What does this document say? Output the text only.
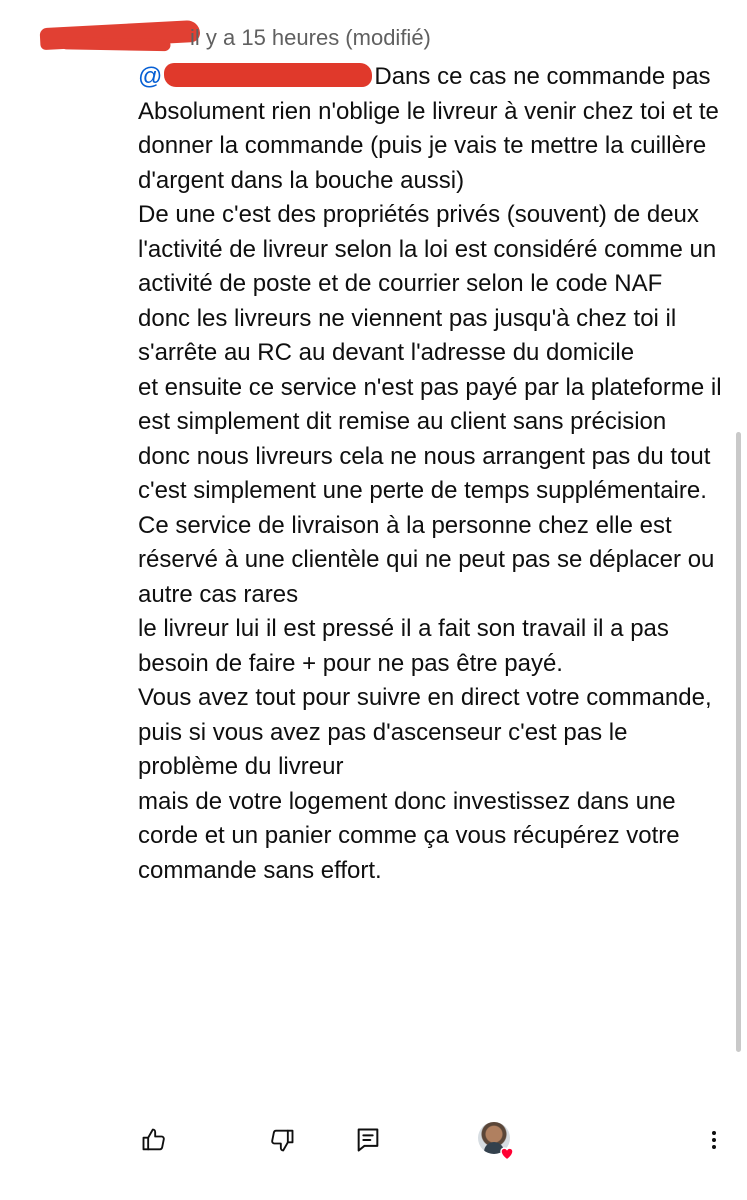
il y a 15 heures (modifié)

@	Dans ce cas ne commande pas

Absolument rien n'oblige le livreur à venir chez toi et te donner la commande (puis je vais te mettre la cuillère d'argent dans la bouche aussi)

De une c'est des propriétés privés (souvent) de deux l'activité de livreur selon la loi est considéré comme un activité de poste et de courrier selon le code NAF

donc les livreurs ne viennent pas jusqu'à chez toi il s'arrête au RC au devant l'adresse du domicile

et ensuite ce service n'est pas payé par la plateforme il est simplement dit remise au client sans précision

donc nous livreurs cela ne nous arrangent pas du tout c'est simplement une perte de temps supplémentaire.

Ce service de livraison à la personne chez elle est réservé à une clientèle qui ne peut pas se déplacer ou autre cas rares

le livreur lui il est pressé il a fait son travail il a pas besoin de faire + pour ne pas être payé.

Vous avez tout pour suivre en direct votre commande, puis si vous avez pas d'ascenseur c'est pas le problème du livreur

mais de votre logement donc investissez dans une corde et un panier comme ça vous récupérez votre commande sans effort.
